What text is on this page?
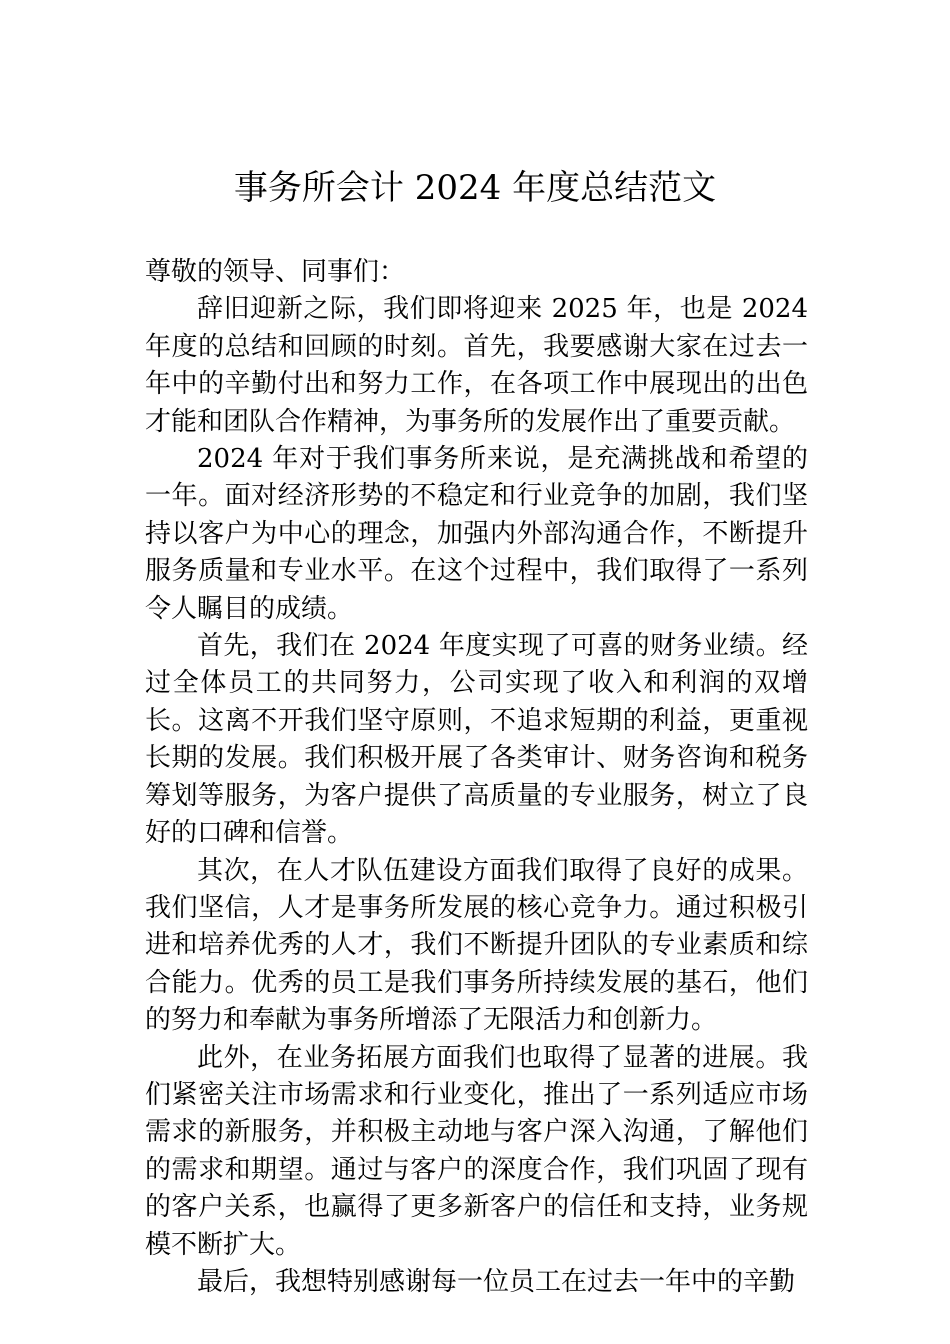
事务所会计 2024 年度总结范文

尊敬的领导、同事们：

辞旧迎新之际，我们即将迎来 2025 年，也是 2024 年度的总结和回顾的时刻。首先，我要感谢大家在过去一年中的辛勤付出和努力工作，在各项工作中展现出的出色才能和团队合作精神，为事务所的发展作出了重要贡献。

2024 年对于我们事务所来说，是充满挑战和希望的一年。面对经济形势的不稳定和行业竞争的加剧，我们坚持以客户为中心的理念，加强内外部沟通合作，不断提升服务质量和专业水平。在这个过程中，我们取得了一系列令人瞩目的成绩。

首先，我们在 2024 年度实现了可喜的财务业绩。经过全体员工的共同努力，公司实现了收入和利润的双增长。这离不开我们坚守原则，不追求短期的利益，更重视长期的发展。我们积极开展了各类审计、财务咨询和税务筹划等服务，为客户提供了高质量的专业服务，树立了良好的口碑和信誉。

其次，在人才队伍建设方面我们取得了良好的成果。我们坚信，人才是事务所发展的核心竞争力。通过积极引进和培养优秀的人才，我们不断提升团队的专业素质和综合能力。优秀的员工是我们事务所持续发展的基石，他们的努力和奉献为事务所增添了无限活力和创新力。

此外，在业务拓展方面我们也取得了显著的进展。我们紧密关注市场需求和行业变化，推出了一系列适应市场需求的新服务，并积极主动地与客户深入沟通，了解他们的需求和期望。通过与客户的深度合作，我们巩固了现有的客户关系，也赢得了更多新客户的信任和支持，业务规模不断扩大。

最后，我想特别感谢每一位员工在过去一年中的辛勤
